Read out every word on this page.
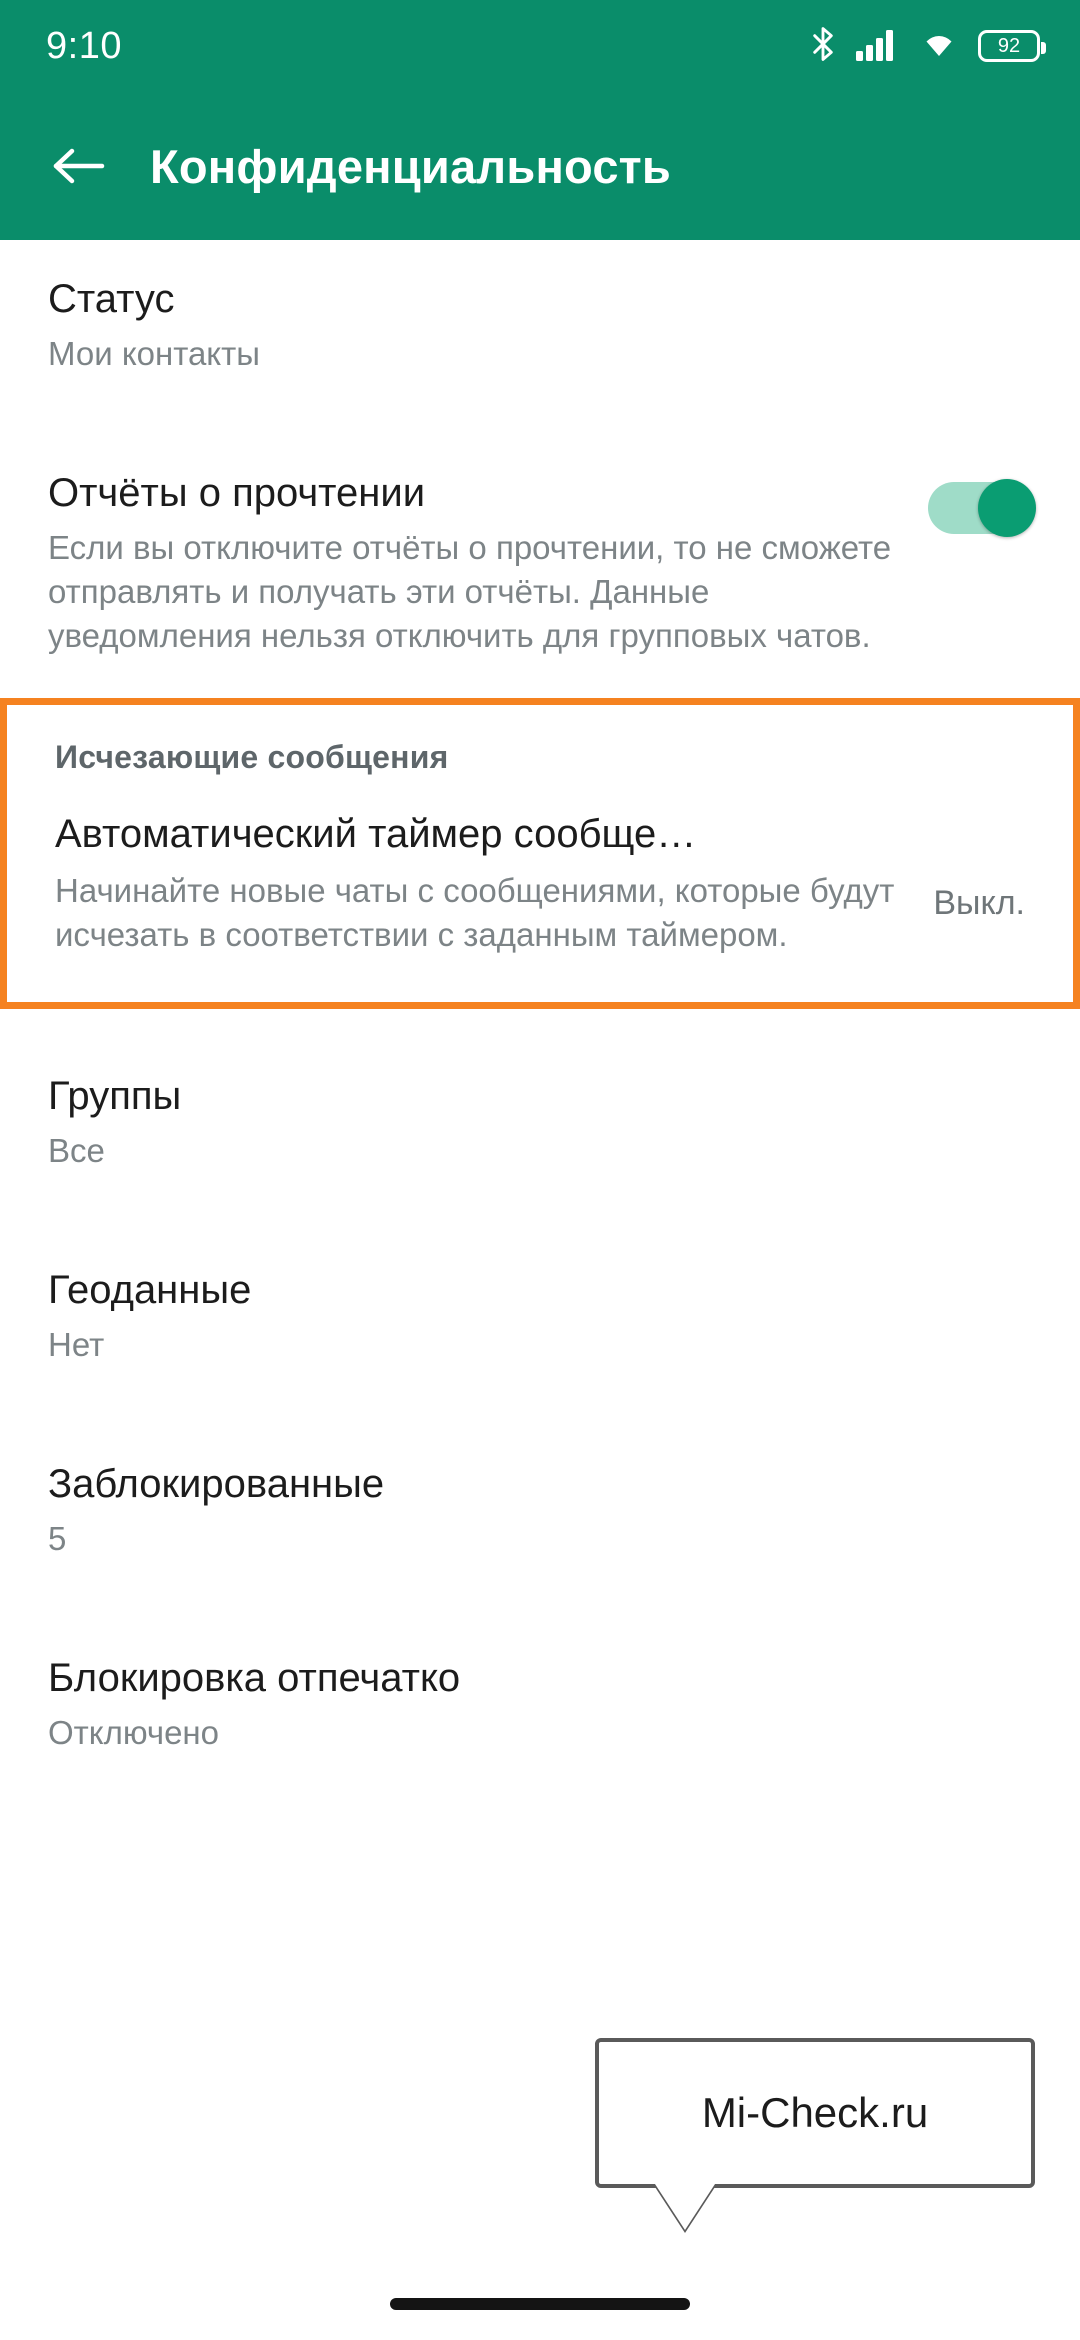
9:10	92
Конфиденциальность
Статус
Мои контакты
Отчёты о прочтении
Если вы отключите отчёты о прочтении, то не сможете отправлять и получать эти отчёты. Данные уведомления нельзя отключить для групповых чатов.
Исчезающие сообщения
Автоматический таймер сообще…
Начинайте новые чаты с сообщениями, которые будут исчезать в соответствии с заданным таймером.
Выкл.
Группы
Все
Геоданные
Нет
Заблокированные
5
Блокировка отпечатко
Отключено
Mi-Check.ru
